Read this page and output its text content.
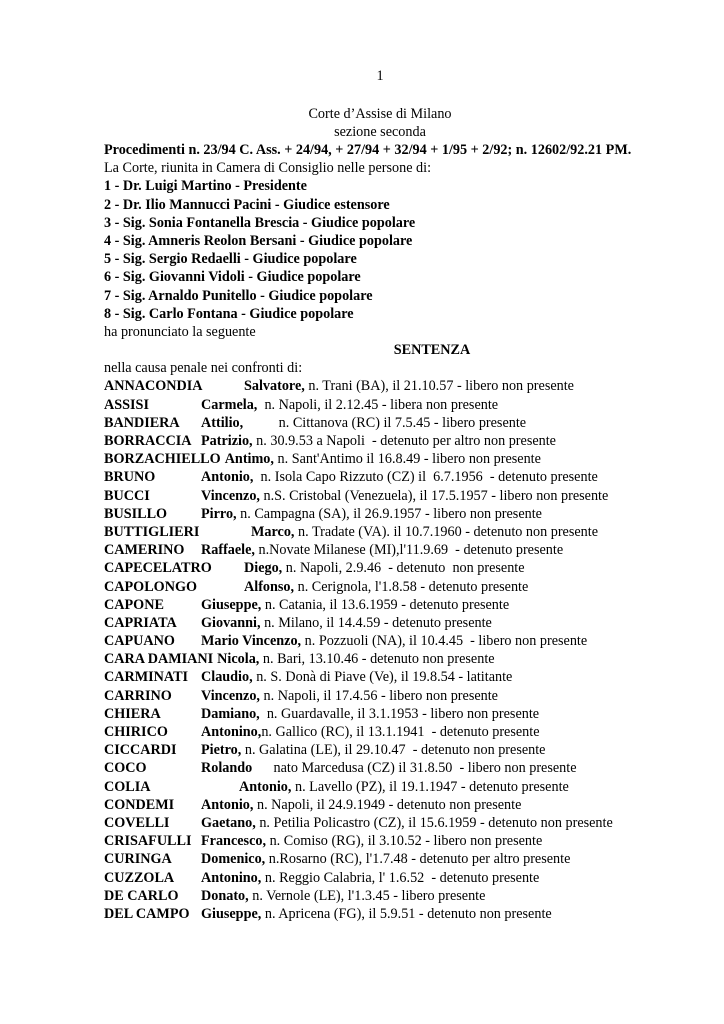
1
Corte d’Assise di Milano
sezione seconda
Procedimenti n. 23/94 C. Ass. + 24/94, + 27/94 + 32/94 + 1/95 + 2/92; n. 12602/92.21 PM.
La Corte, riunita in Camera di Consiglio nelle persone di:
1 - Dr. Luigi Martino - Presidente
2 - Dr. Ilio Mannucci Pacini - Giudice estensore
3 - Sig. Sonia Fontanella Brescia - Giudice popolare
4 - Sig. Amneris Reolon Bersani - Giudice popolare
5 - Sig. Sergio Redaelli - Giudice popolare
6 - Sig. Giovanni Vidoli - Giudice popolare
7 - Sig. Arnaldo Punitello - Giudice popolare
8 - Sig. Carlo Fontana - Giudice popolare
ha pronunciato la seguente
SENTENZA
nella causa penale nei confronti di:
ANNACONDIA	Salvatore, n. Trani (BA), il 21.10.57 - libero non presente
ASSISI	Carmela,  n. Napoli, il 2.12.45 - libera non presente
BANDIERA Attilio,          n. Cittanova (RC) il 7.5.45 - libero presente
BORRACCIA Patrizio, n. 30.9.53 a Napoli  - detenuto per altro non presente
BORZACHIELLO Antimo, n. Sant'Antimo il 16.8.49 - libero non presente
BRUNO	Antonio,  n. Isola Capo Rizzuto (CZ) il  6.7.1956  - detenuto presente
BUCCI	Vincenzo, n.S. Cristobal (Venezuela), il 17.5.1957 - libero non presente
BUSILLO Pirro, n. Campagna (SA), il 26.9.1957 - libero non presente
BUTTIGLIERI	Marco, n. Tradate (VA). il 10.7.1960 - detenuto non presente
CAMERINO Raffaele, n.Novate Milanese (MI),l'11.9.69  - detenuto presente
CAPECELATRO Diego, n. Napoli, 2.9.46  - detenuto  non presente
CAPOLONGO	Alfonso, n. Cerignola, l'1.8.58 - detenuto presente
CAPONE	Giuseppe, n. Catania, il 13.6.1959 - detenuto presente
CAPRIATA Giovanni, n. Milano, il 14.4.59 - detenuto presente
CAPUANO Mario Vincenzo, n. Pozzuoli (NA), il 10.4.45  - libero non presente
CARA DAMIANI Nicola, n. Bari, 13.10.46 - detenuto non presente
CARMINATI Claudio, n. S. Donà di Piave (Ve), il 19.8.54 - latitante
CARRINO Vincenzo, n. Napoli, il 17.4.56 - libero non presente
CHIERA	Damiano,  n. Guardavalle, il 3.1.1953 - libero non presente
CHIRICO Antonino,n. Gallico (RC), il 13.1.1941  - detenuto presente
CICCARDI Pietro, n. Galatina (LE), il 29.10.47  - detenuto non presente
COCO	Rolando      nato Marcedusa (CZ) il 31.8.50  - libero non presente
COLIA	Antonio, n. Lavello (PZ), il 19.1.1947 - detenuto presente
CONDEMI Antonio, n. Napoli, il 24.9.1949 - detenuto non presente
COVELLI Gaetano, n. Petilia Policastro (CZ), il 15.6.1959 - detenuto non presente
CRISAFULLI Francesco, n. Comiso (RG), il 3.10.52 - libero non presente
CURINGA Domenico, n.Rosarno (RC), l'1.7.48 - detenuto per altro presente
CUZZOLA Antonino, n. Reggio Calabria, l' 1.6.52  - detenuto presente
DE CARLO Donato, n. Vernole (LE), l'1.3.45 - libero presente
DEL CAMPO Giuseppe, n. Apricena (FG), il 5.9.51 - detenuto non presente
